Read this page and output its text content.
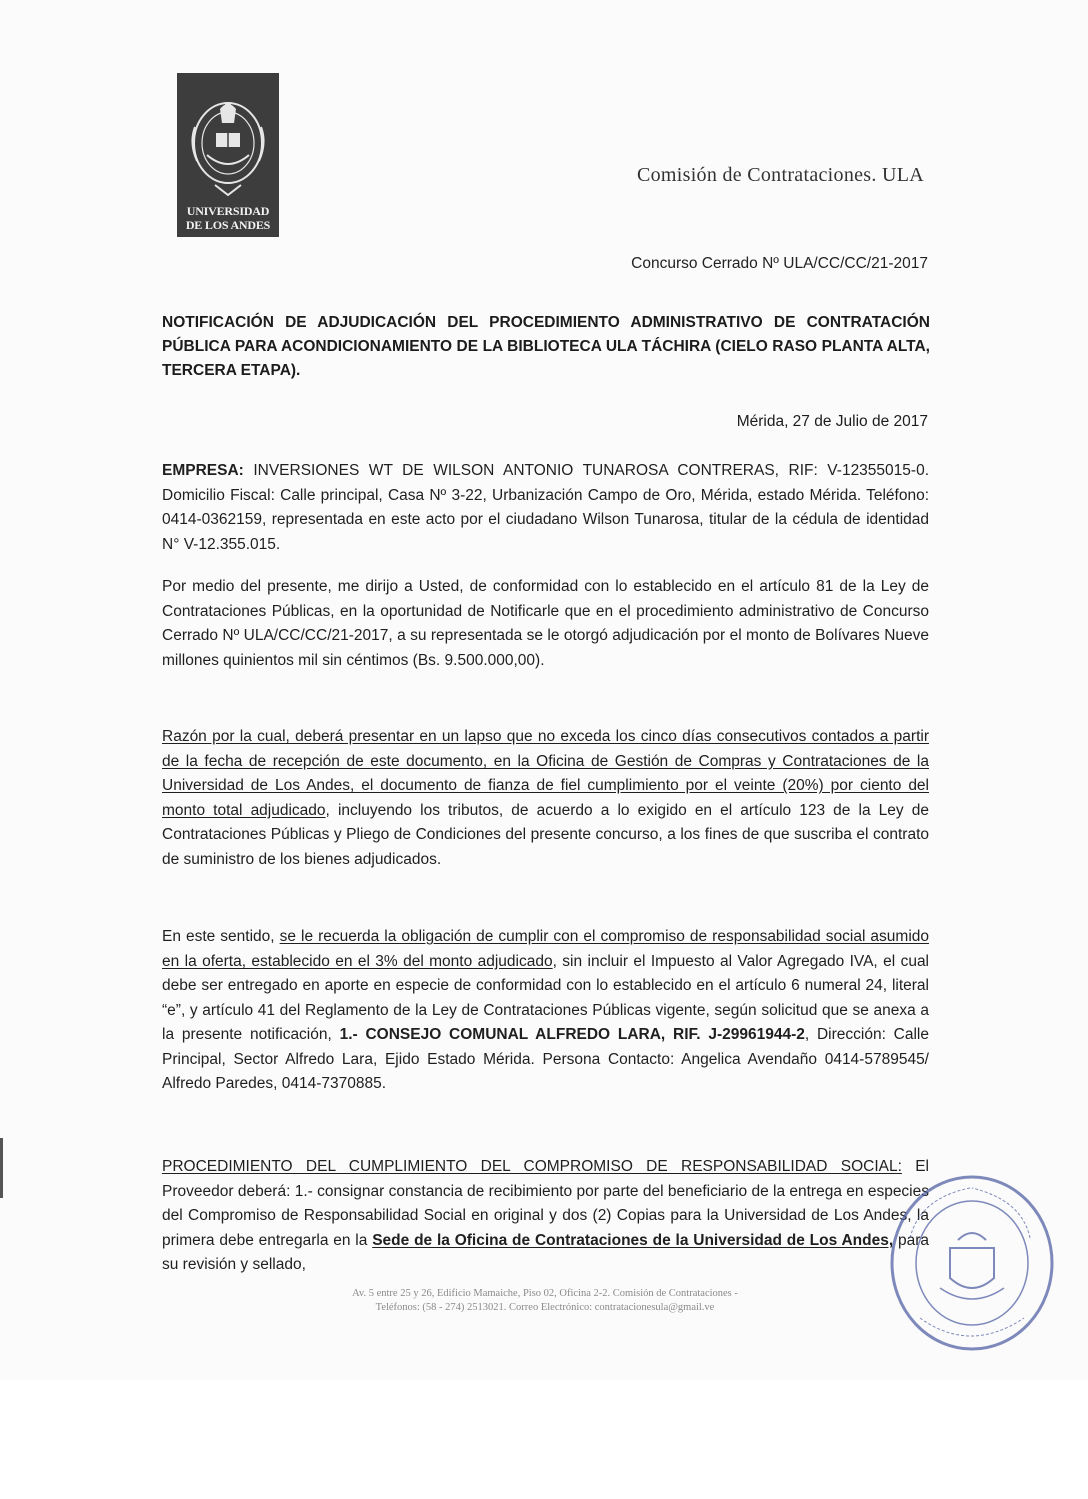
UNIVERSIDAD
DE LOS ANDES
Comisión de Contrataciones. ULA
Concurso Cerrado Nº ULA/CC/CC/21-2017
NOTIFICACIÓN DE ADJUDICACIÓN DEL PROCEDIMIENTO ADMINISTRATIVO DE CONTRATACIÓN PÚBLICA PARA ACONDICIONAMIENTO DE LA BIBLIOTECA ULA TÁCHIRA (CIELO RASO PLANTA ALTA, TERCERA ETAPA).
Mérida, 27 de Julio de 2017
EMPRESA: INVERSIONES WT DE WILSON ANTONIO TUNAROSA CONTRERAS, RIF: V-12355015-0. Domicilio Fiscal: Calle principal, Casa Nº 3-22, Urbanización Campo de Oro, Mérida, estado Mérida. Teléfono: 0414-0362159, representada en este acto por el ciudadano Wilson Tunarosa, titular de la cédula de identidad N° V-12.355.015.
Por medio del presente, me dirijo a Usted, de conformidad con lo establecido en el artículo 81 de la Ley de Contrataciones Públicas, en la oportunidad de Notificarle que en el procedimiento administrativo de Concurso Cerrado Nº ULA/CC/CC/21-2017, a su representada se le otorgó adjudicación por el monto de Bolívares Nueve millones quinientos mil sin céntimos (Bs. 9.500.000,00).
Razón por la cual, deberá presentar en un lapso que no exceda los cinco días consecutivos contados a partir de la fecha de recepción de este documento, en la Oficina de Gestión de Compras y Contrataciones de la Universidad de Los Andes, el documento de fianza de fiel cumplimiento por el veinte (20%) por ciento del monto total adjudicado, incluyendo los tributos, de acuerdo a lo exigido en el artículo 123 de la Ley de Contrataciones Públicas y Pliego de Condiciones del presente concurso, a los fines de que suscriba el contrato de suministro de los bienes adjudicados.
En este sentido, se le recuerda la obligación de cumplir con el compromiso de responsabilidad social asumido en la oferta, establecido en el 3% del monto adjudicado, sin incluir el Impuesto al Valor Agregado IVA, el cual debe ser entregado en aporte en especie de conformidad con lo establecido en el artículo 6 numeral 24, literal “e”, y artículo 41 del Reglamento de la Ley de Contrataciones Públicas vigente, según solicitud que se anexa a la presente notificación, 1.- CONSEJO COMUNAL ALFREDO LARA, RIF. J-29961944-2, Dirección: Calle Principal, Sector Alfredo Lara, Ejido Estado Mérida. Persona Contacto: Angelica Avendaño 0414-5789545/ Alfredo Paredes, 0414-7370885.
PROCEDIMIENTO DEL CUMPLIMIENTO DEL COMPROMISO DE RESPONSABILIDAD SOCIAL: El Proveedor deberá: 1.- consignar constancia de recibimiento por parte del beneficiario de la entrega en especies del Compromiso de Responsabilidad Social en original y dos (2) Copias para la Universidad de Los Andes, la primera debe entregarla en la Sede de la Oficina de Contrataciones de la Universidad de Los Andes, para su revisión y sellado,
Av. 5 entre 25 y 26, Edificio Mamaiche, Piso 02, Oficina 2-2. Comisión de Contrataciones -
Teléfonos: (58 - 274) 2513021. Correo Electrónico: contratacionesula@gmail.ve
